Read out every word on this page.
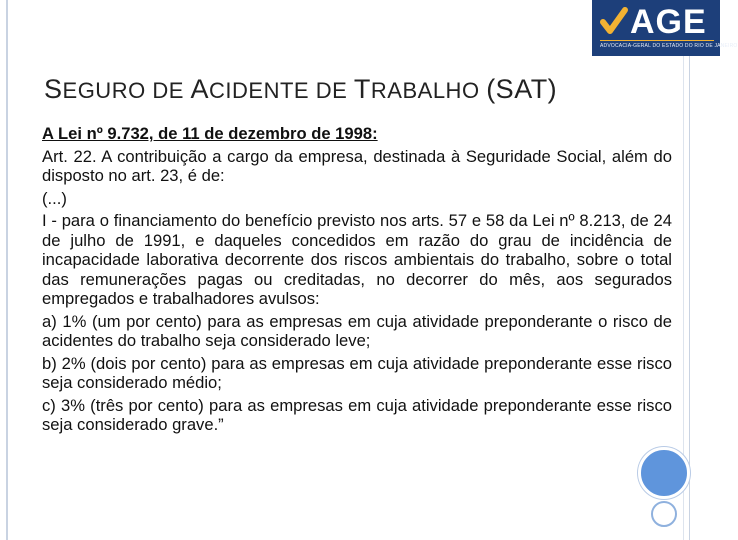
AGE
ADVOCACIA-GERAL DO ESTADO DO RIO DE JANEIRO
SEGURO DE ACIDENTE DE TRABALHO (SAT)

A Lei nº 9.732, de 11 de dezembro de 1998:

Art. 22. A contribuição a cargo da empresa, destinada à Seguridade Social, além do disposto no art. 23, é de:

(...)

I - para o financiamento do benefício previsto nos arts. 57 e 58 da Lei nº 8.213, de 24 de julho de 1991, e daqueles concedidos em razão do grau de incidência de incapacidade laborativa decorrente dos riscos ambientais do trabalho, sobre o total das remunerações pagas ou creditadas, no decorrer do mês, aos segurados empregados e trabalhadores avulsos:

a) 1% (um por cento) para as empresas em cuja atividade preponderante o risco de acidentes do trabalho seja considerado leve;

b) 2% (dois por cento) para as empresas em cuja atividade preponderante esse risco seja considerado médio;

c) 3% (três por cento) para as empresas em cuja atividade preponderante esse risco seja considerado grave.”
